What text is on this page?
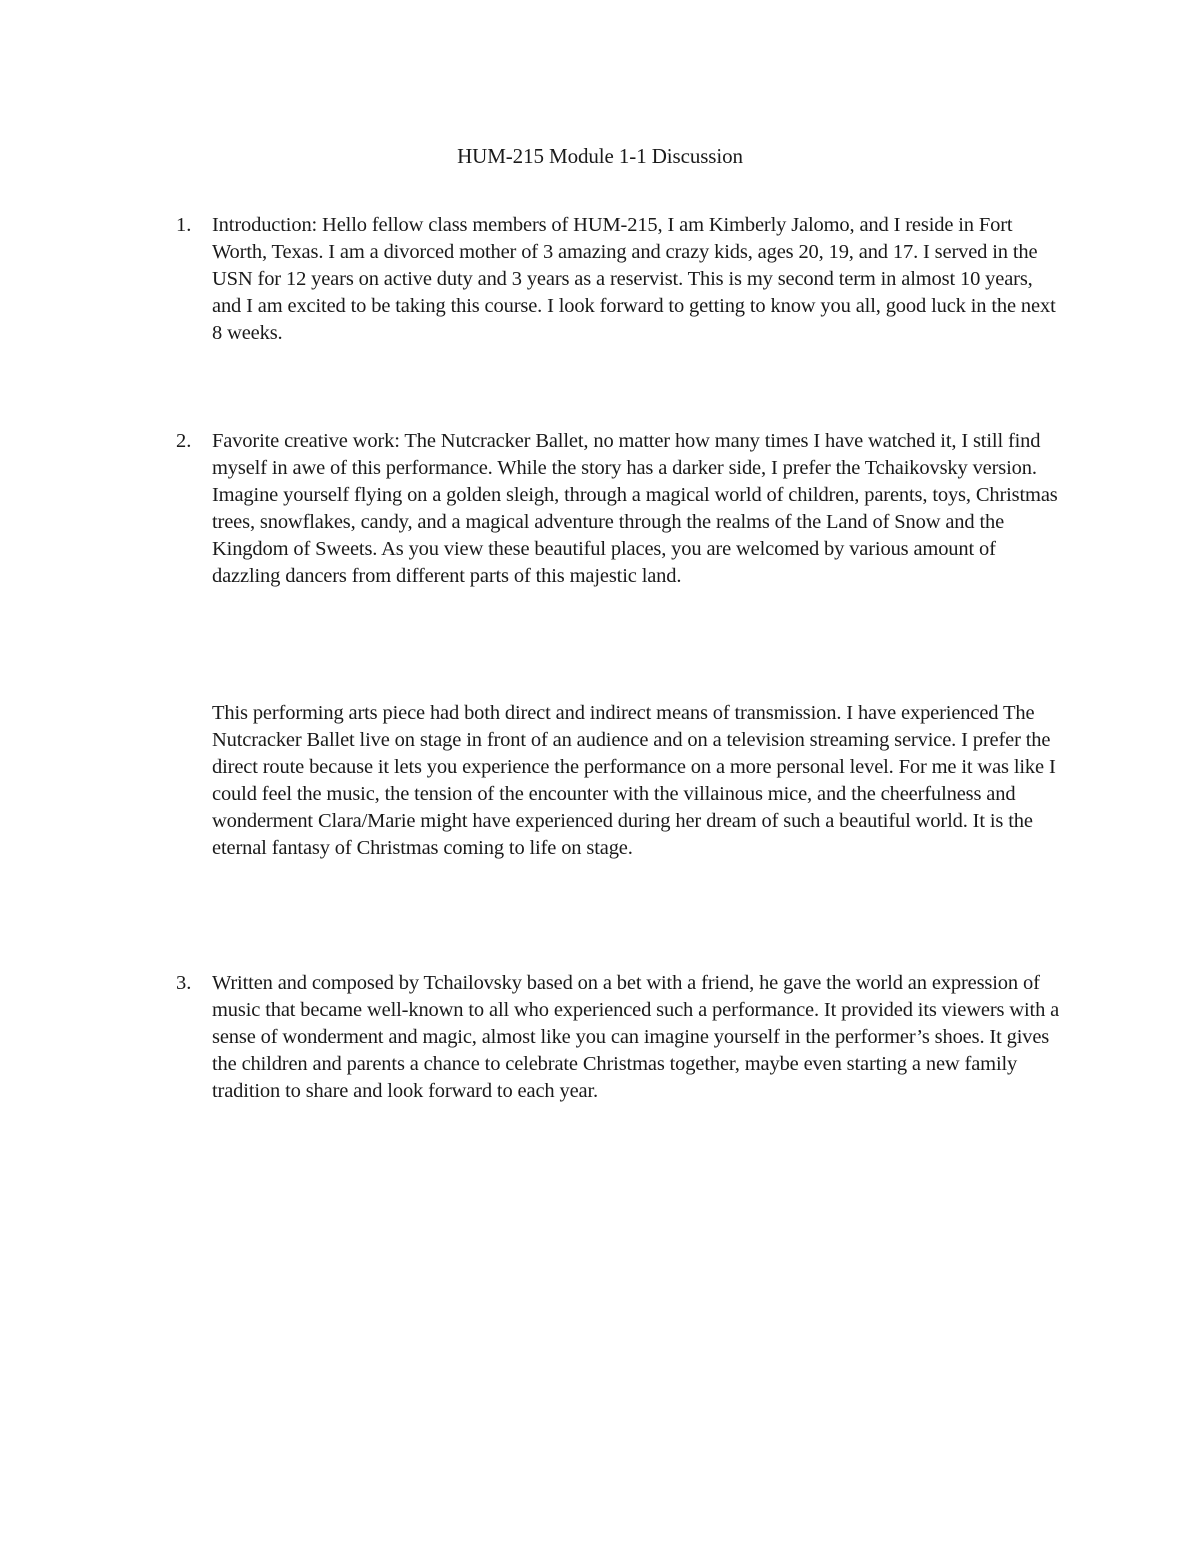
HUM-215 Module 1-1 Discussion
1.	Introduction: Hello fellow class members of HUM-215, I am Kimberly Jalomo, and I reside in Fort Worth, Texas. I am a divorced mother of 3 amazing and crazy kids, ages 20, 19, and 17. I served in the USN for 12 years on active duty and 3 years as a reservist. This is my second term in almost 10 years, and I am excited to be taking this course. I look forward to getting to know you all, good luck in the next 8 weeks.

2.	Favorite creative work: The Nutcracker Ballet, no matter how many times I have watched it, I still find myself in awe of this performance. While the story has a darker side, I prefer the Tchaikovsky version. Imagine yourself flying on a golden sleigh, through a magical world of children, parents, toys, Christmas trees, snowflakes, candy, and a magical adventure through the realms of the Land of Snow and the Kingdom of Sweets. As you view these beautiful places, you are welcomed by various amount of dazzling dancers from different parts of this majestic land.

This performing arts piece had both direct and indirect means of transmission. I have experienced The Nutcracker Ballet live on stage in front of an audience and on a television streaming service. I prefer the direct route because it lets you experience the performance on a more personal level. For me it was like I could feel the music, the tension of the encounter with the villainous mice, and the cheerfulness and wonderment Clara/Marie might have experienced during her dream of such a beautiful world. It is the eternal fantasy of Christmas coming to life on stage.

3.	Written and composed by Tchailovsky based on a bet with a friend, he gave the world an expression of music that became well-known to all who experienced such a performance. It provided its viewers with a sense of wonderment and magic, almost like you can imagine yourself in the performer’s shoes. It gives the children and parents a chance to celebrate Christmas together, maybe even starting a new family tradition to share and look forward to each year.
